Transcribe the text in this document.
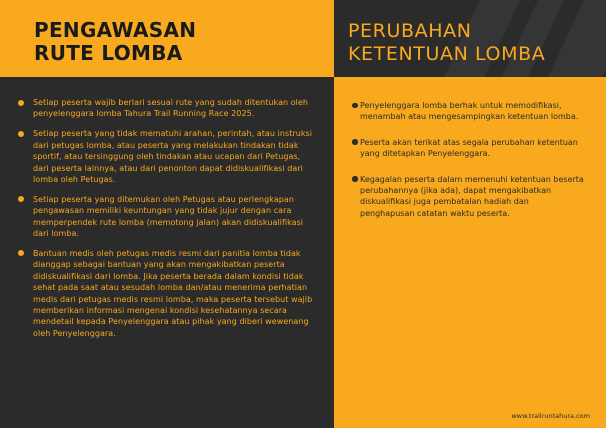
PENGAWASAN
RUTE LOMBA
PERUBAHAN
KETENTUAN LOMBA
Setiap peserta wajib berlari sesuai rute yang sudah ditentukan oleh penyelenggara lomba Tahura Trail Running Race 2025.
Setiap peserta yang tidak mematuhi arahan, perintah, atau instruksi dari petugas lomba, atau peserta yang melakukan tindakan tidak sportif, atau tersinggung oleh tindakan atau ucapan dari Petugas, dari peserta lainnya, atau dari penonton dapat didiskualifikasi dari lomba oleh Petugas.
Setiap peserta yang ditemukan oleh Petugas atau perlengkapan pengawasan memiliki keuntungan yang tidak jujur dengan cara memperpendek rute lomba (memotong jalan) akan didiskualifikasi dari lomba.
Bantuan medis oleh petugas medis resmi dari panitia lomba tidak dianggap sebagai bantuan yang akan mengakibatkan peserta didiskualifikasi dari lomba. Jika peserta berada dalam kondisi tidak sehat pada saat atau sesudah lomba dan/atau menerima perhatian medis dari petugas medis resmi lomba, maka peserta tersebut wajib memberikan informasi mengenai kondisi kesehatannya secara mendetail kepada Penyelenggara atau pihak yang diberi wewenang oleh Penyelenggara.
Penyelenggara lomba berhak untuk memodifikasi, menambah atau mengesampingkan ketentuan lomba.
Peserta akan terikat atas segala perubahan ketentuan yang ditetapkan Penyelenggara.
Kegagalan peserta dalam memenuhi ketentuan beserta perubahannya (jika ada), dapat mengakibatkan diskualifikasi juga pembatalan hadiah dan penghapusan catatan waktu peserta.

www.trailruntahura.com
